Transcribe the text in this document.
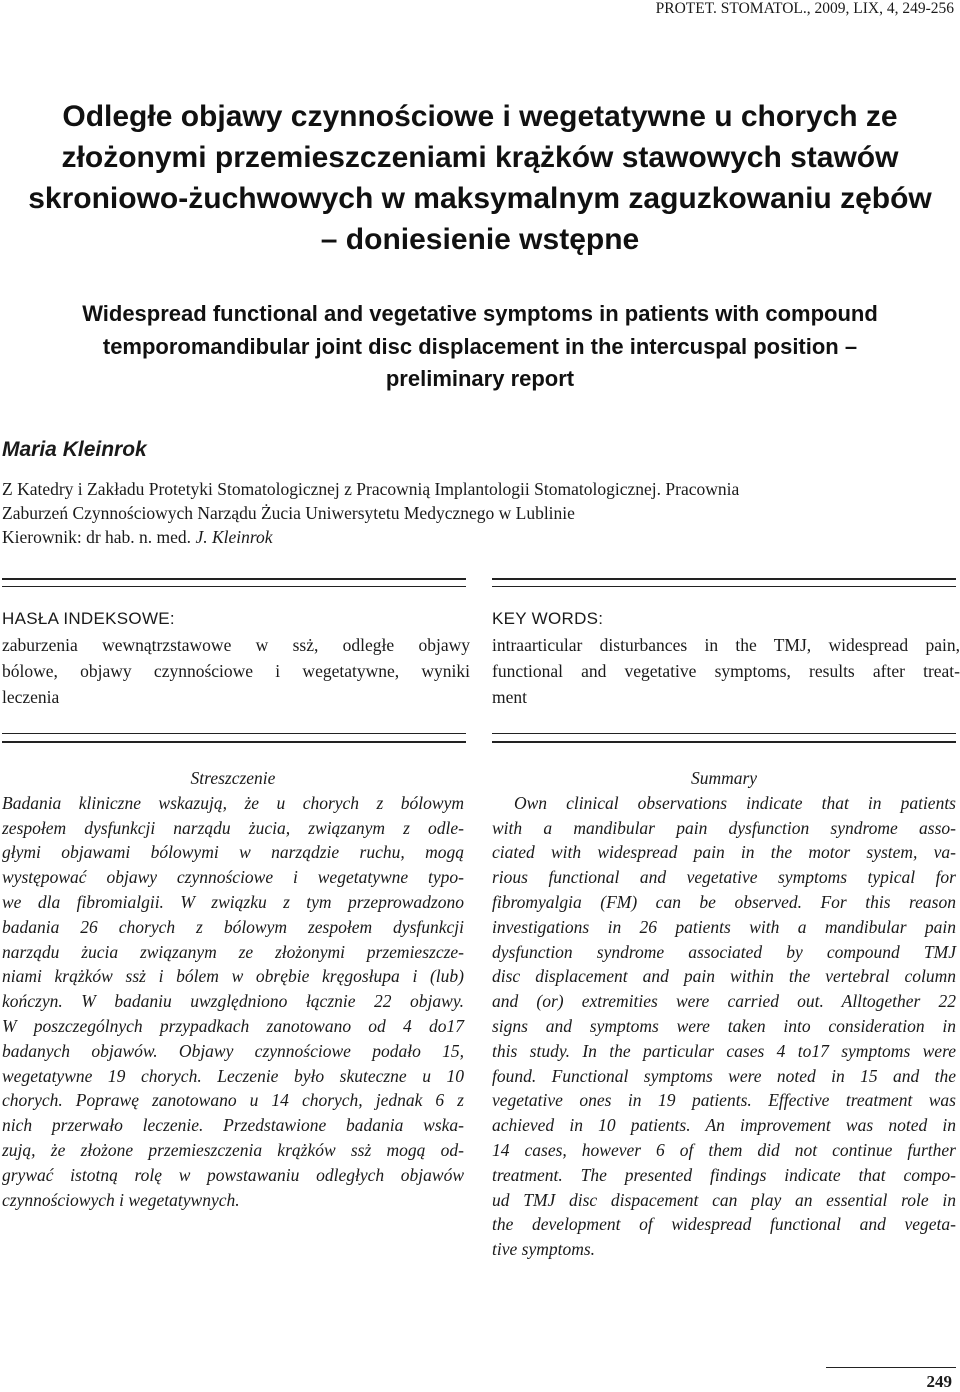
PROTET. STOMATOL., 2009, LIX, 4, 249-256
Odległe objawy czynnościowe i wegetatywne u chorych ze
złożonymi przemieszczeniami krążków stawowych stawów
skroniowo-żuchwowych w maksymalnym zaguzkowaniu zębów
– doniesienie wstępne
Widespread functional and vegetative symptoms in patients with compound
temporomandibular joint disc displacement in the intercuspal position –
preliminary report
Maria Kleinrok
Z Katedry i Zakładu Protetyki Stomatologicznej z Pracownią Implantologii Stomatologicznej. Pracownia
Zaburzeń Czynnościowych Narządu Żucia Uniwersytetu Medycznego w Lublinie
Kierownik: dr hab. n. med. J. Kleinrok
HASŁA INDEKSOWE:
zaburzenia wewnątrzstawowe w ssż, odległe objawy
bólowe, objawy czynnościowe i wegetatywne, wyniki
leczenia
KEY WORDS:
intraarticular disturbances in the TMJ, widespread pain,
functional and vegetative symptoms, results after treat-
ment
Streszczenie
Badania kliniczne wskazują, że u chorych z bólowym
zespołem dysfunkcji narządu żucia, związanym z odle-
głymi objawami bólowymi w narządzie ruchu, mogą
występować objawy czynnościowe i wegetatywne typo-
we dla fibromialgii. W związku z tym przeprowadzono
badania 26 chorych z bólowym zespołem dysfunkcji
narządu żucia związanym ze złożonymi przemieszcze-
niami krążków ssż i bólem w obrębie kręgosłupa i (lub)
kończyn. W badaniu uwzględniono łącznie 22 objawy.
W poszczególnych przypadkach zanotowano od 4 do17
badanych objawów. Objawy czynnościowe podało 15,
wegetatywne 19 chorych. Leczenie było skuteczne u 10
chorych. Poprawę zanotowano u 14 chorych, jednak 6 z
nich przerwało leczenie. Przedstawione badania wska-
zują, że złożone przemieszczenia krążków ssż mogą od-
grywać istotną rolę w powstawaniu odległych objawów
czynnościowych i wegetatywnych.
Summary
Own clinical observations indicate that in patients
with a mandibular pain dysfunction syndrome asso-
ciated with widespread pain in the motor system, va-
rious functional and vegetative symptoms typical for
fibromyalgia (FM) can be observed. For this reason
investigations in 26 patients with a mandibular pain
dysfunction syndrome associated by compound TMJ
disc displacement and pain within the vertebral column
and (or) extremities were carried out. Alltogether 22
signs and symptoms were taken into consideration in
this study. In the particular cases 4 to17 symptoms were
found. Functional symptoms were noted in 15 and the
vegetative ones in 19 patients. Effective treatment was
achieved in 10 patients. An improvement was noted in
14 cases, however 6 of them did not continue further
treatment. The presented findings indicate that compo-
ud TMJ disc dispacement can play an essential role in
the development of widespread functional and vegeta-
tive symptoms.
249
